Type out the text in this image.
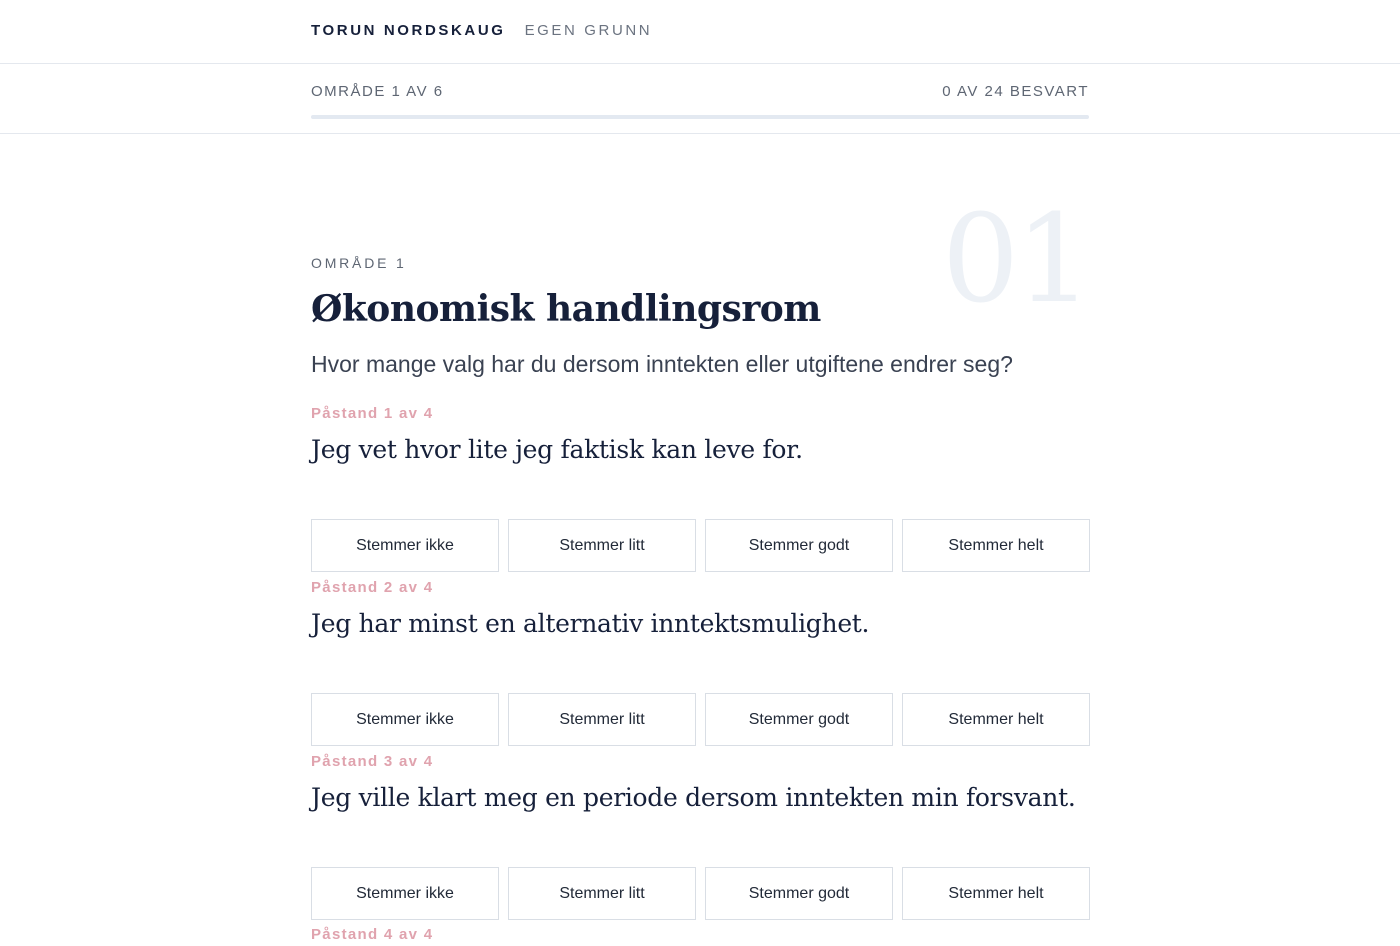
TORUN NORDSKAUG EGEN GRUNN
OMRÅDE 1 AV 6	0 AV 24 BESVART
01
OMRÅDE 1
Økonomisk handlingsrom

Hvor mange valg har du dersom inntekten eller utgiftene endrer seg?

Påstand 1 av 4
Jeg vet hvor lite jeg faktisk kan leve for.
Stemmer ikke	Stemmer litt	Stemmer godt	Stemmer helt
Påstand 2 av 4
Jeg har minst en alternativ inntektsmulighet.
Stemmer ikke	Stemmer litt	Stemmer godt	Stemmer helt
Påstand 3 av 4
Jeg ville klart meg en periode dersom inntekten min forsvant.
Stemmer ikke	Stemmer litt	Stemmer godt	Stemmer helt
Påstand 4 av 4
